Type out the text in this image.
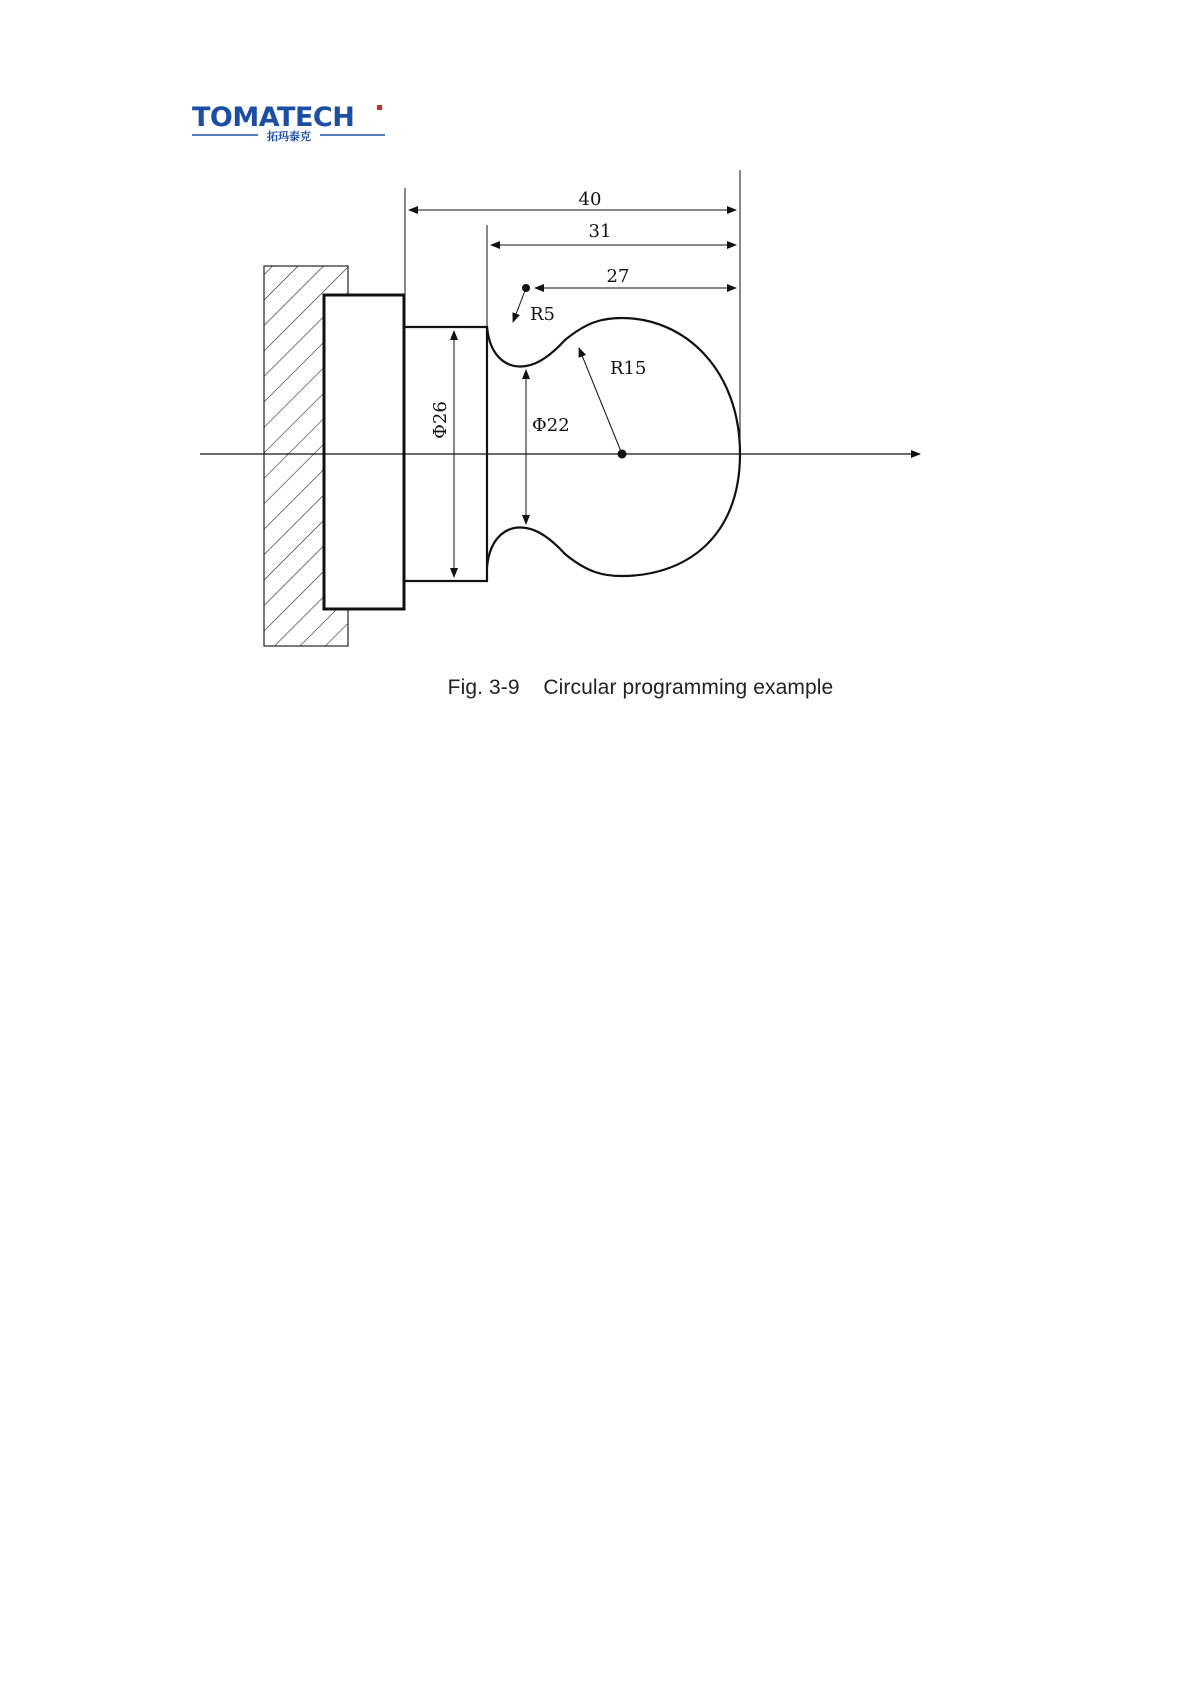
TOMATECH
拓玛泰克
40
31
27
R5
R15
Φ26	Φ22
Fig. 3-9    Circular programming example
